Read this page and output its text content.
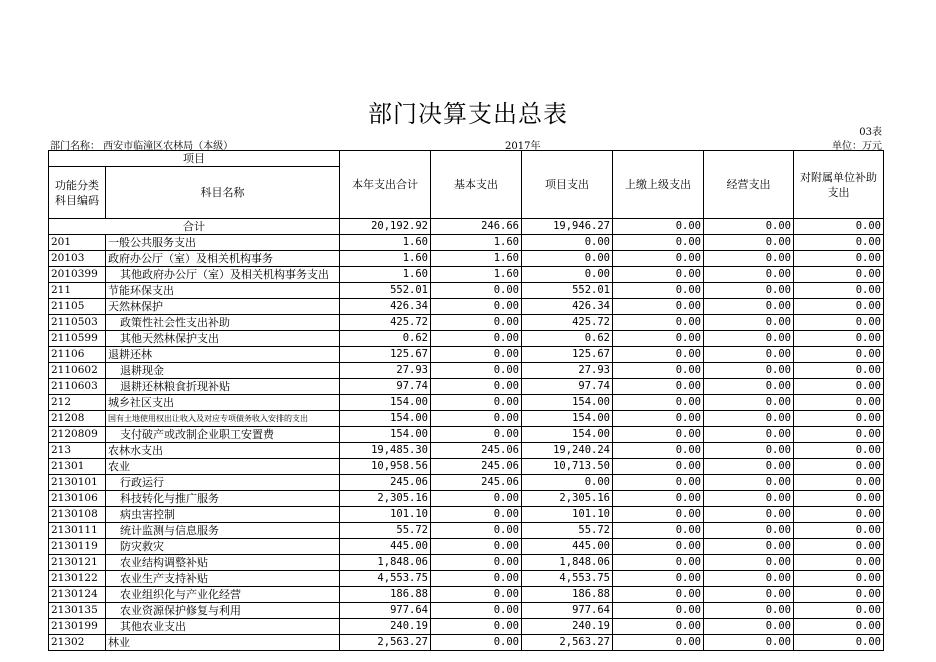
部门决算支出总表
03表
部门名称： 西安市临潼区农林局（本级）	2017年	单位：万元
项目		本年支出合计	基本支出	项目支出	上缴上级支出	经营支出	对附属单位补助支出
功能分类科目编码	科目名称						
合计		20,192.92	246.66	19,946.27	0.00	0.00	0.00
201	一般公共服务支出	1.60	1.60	0.00	0.00	0.00	0.00
20103	政府办公厅（室）及相关机构事务	1.60	1.60	0.00	0.00	0.00	0.00
2010399	其他政府办公厅（室）及相关机构事务支出	1.60	1.60	0.00	0.00	0.00	0.00
211	节能环保支出	552.01	0.00	552.01	0.00	0.00	0.00
21105	天然林保护	426.34	0.00	426.34	0.00	0.00	0.00
2110503	政策性社会性支出补助	425.72	0.00	425.72	0.00	0.00	0.00
2110599	其他天然林保护支出	0.62	0.00	0.62	0.00	0.00	0.00
21106	退耕还林	125.67	0.00	125.67	0.00	0.00	0.00
2110602	退耕现金	27.93	0.00	27.93	0.00	0.00	0.00
2110603	退耕还林粮食折现补贴	97.74	0.00	97.74	0.00	0.00	0.00
212	城乡社区支出	154.00	0.00	154.00	0.00	0.00	0.00
21208	国有土地使用权出让收入及对应专项债务收入安排的支出	154.00	0.00	154.00	0.00	0.00	0.00
2120809	支付破产或改制企业职工安置费	154.00	0.00	154.00	0.00	0.00	0.00
213	农林水支出	19,485.30	245.06	19,240.24	0.00	0.00	0.00
21301	农业	10,958.56	245.06	10,713.50	0.00	0.00	0.00
2130101	行政运行	245.06	245.06	0.00	0.00	0.00	0.00
2130106	科技转化与推广服务	2,305.16	0.00	2,305.16	0.00	0.00	0.00
2130108	病虫害控制	101.10	0.00	101.10	0.00	0.00	0.00
2130111	统计监测与信息服务	55.72	0.00	55.72	0.00	0.00	0.00
2130119	防灾救灾	445.00	0.00	445.00	0.00	0.00	0.00
2130121	农业结构调整补贴	1,848.06	0.00	1,848.06	0.00	0.00	0.00
2130122	农业生产支持补贴	4,553.75	0.00	4,553.75	0.00	0.00	0.00
2130124	农业组织化与产业化经营	186.88	0.00	186.88	0.00	0.00	0.00
2130135	农业资源保护修复与利用	977.64	0.00	977.64	0.00	0.00	0.00
2130199	其他农业支出	240.19	0.00	240.19	0.00	0.00	0.00
21302	林业	2,563.27	0.00	2,563.27	0.00	0.00	0.00
